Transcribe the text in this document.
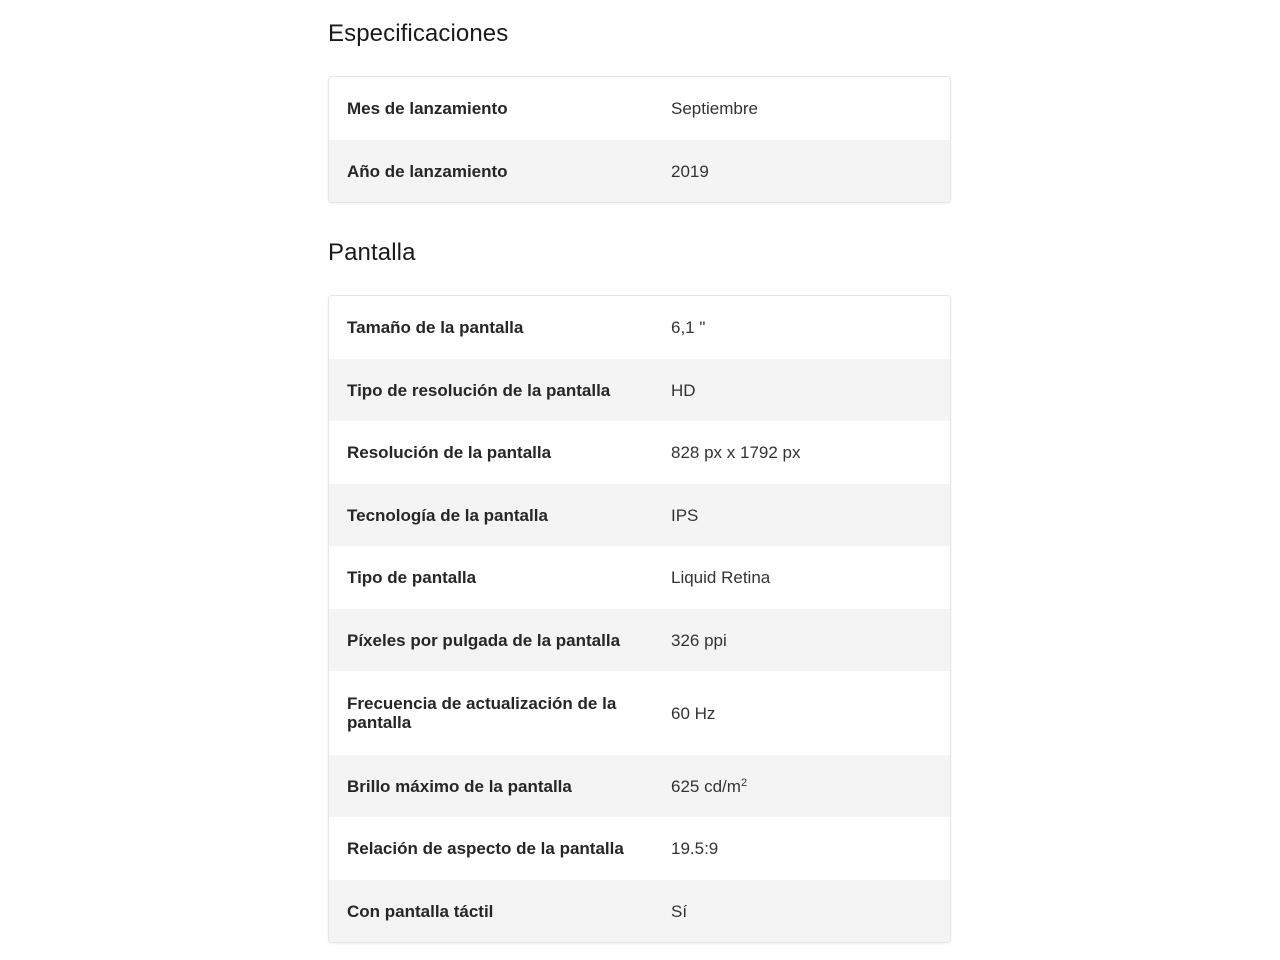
Especificaciones
Mes de lanzamiento	Septiembre
Año de lanzamiento	2019
Pantalla
Tamaño de la pantalla	6,1 "
Tipo de resolución de la pantalla	HD
Resolución de la pantalla	828 px x 1792 px
Tecnología de la pantalla	IPS
Tipo de pantalla	Liquid Retina
Píxeles por pulgada de la pantalla	326 ppi
Frecuencia de actualización de la pantalla	60 Hz
Brillo máximo de la pantalla	625 $cd/m^2$
Relación de aspecto de la pantalla	19.5:9
Con pantalla táctil	Sí
